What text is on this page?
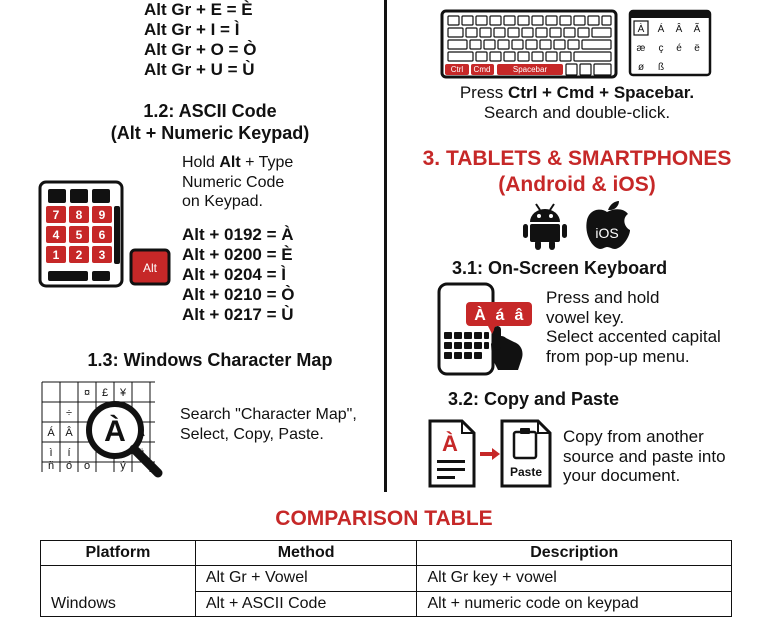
Alt Gr + E = È
Alt Gr + I = Ì
Alt Gr + O = Ò
Alt Gr + U = Ù
1.2: ASCII Code
(Alt + Numeric Keypad)
Hold Alt + Type
Numeric Code
on Keypad.
7 8 9
4 5 6
1 2 3
Alt
Alt + 0192 = À
Alt + 0200 = È
Alt + 0204 = Ì
Alt + 0210 = Ò
Alt + 0217 = Ù
1.3: Windows Character Map
¤ £ ¥
÷
Á Â
ì í
ñ ó ö	ý
À
Search "Character Map",
Select, Copy, Paste.
Ctrl Cmd	Spacebar
À Á Â Ã
æ ç é ë
ø ß
Press Ctrl + Cmd + Spacebar.
Search and double-click.
3. TABLETS & SMARTPHONES
(Android & iOS)
iOS
3.1: On-Screen Keyboard
À á â
Press and hold
vowel key.
Select accented capital
from pop-up menu.
3.2: Copy and Paste
À
Paste
Copy from another
source and paste into
your document.
COMPARISON TABLE
Platform	Method	Description
Windows	Alt Gr + Vowel	Alt Gr key + vowel
	Alt + ASCII Code	Alt + numeric code on keypad
